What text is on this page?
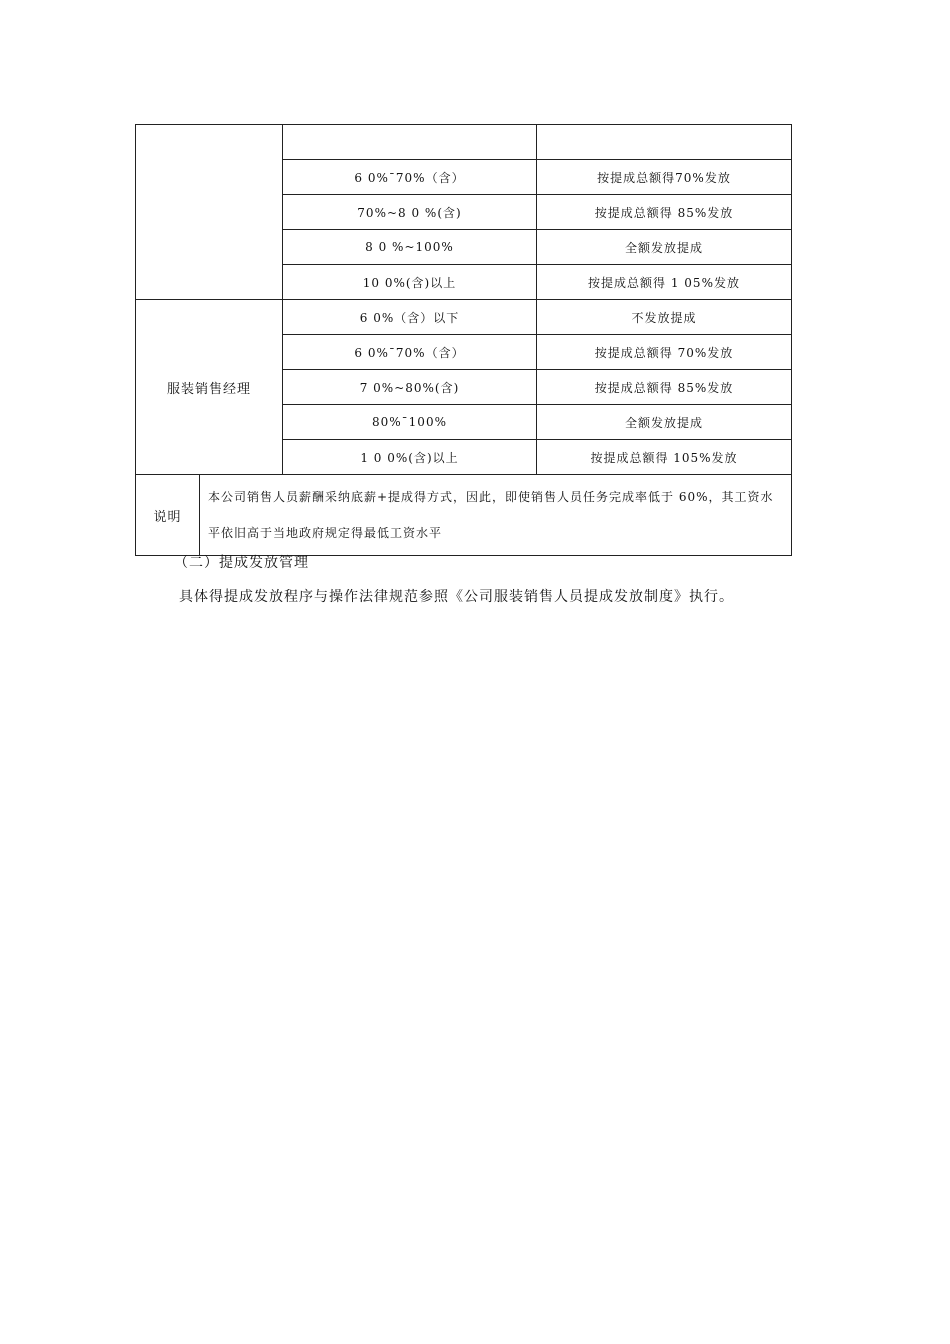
		6 0%¯70%（含）	按提成总额得70%发放
		70%~8 0 %(含)	按提成总额得 85%发放
		8 0 %~100%	全额发放提成
		10 0%(含)以上	按提成总额得 1 05%发放
服装销售经理		6 0%（含）以下	不发放提成
		6 0%¯70%（含）	按提成总额得 70%发放
		7 0%~80%(含)	按提成总额得 85%发放
		80%¯100%	全额发放提成
		1 0 0%(含)以上	按提成总额得 105%发放
说明	本公司销售人员薪酬采纳底薪+提成得方式，因此，即使销售人员任务完成率低于 60%，其工资水平依旧高于当地政府规定得最低工资水平		

（二）提成发放管理

具体得提成发放程序与操作法律规范参照《公司服装销售人员提成发放制度》执行。
